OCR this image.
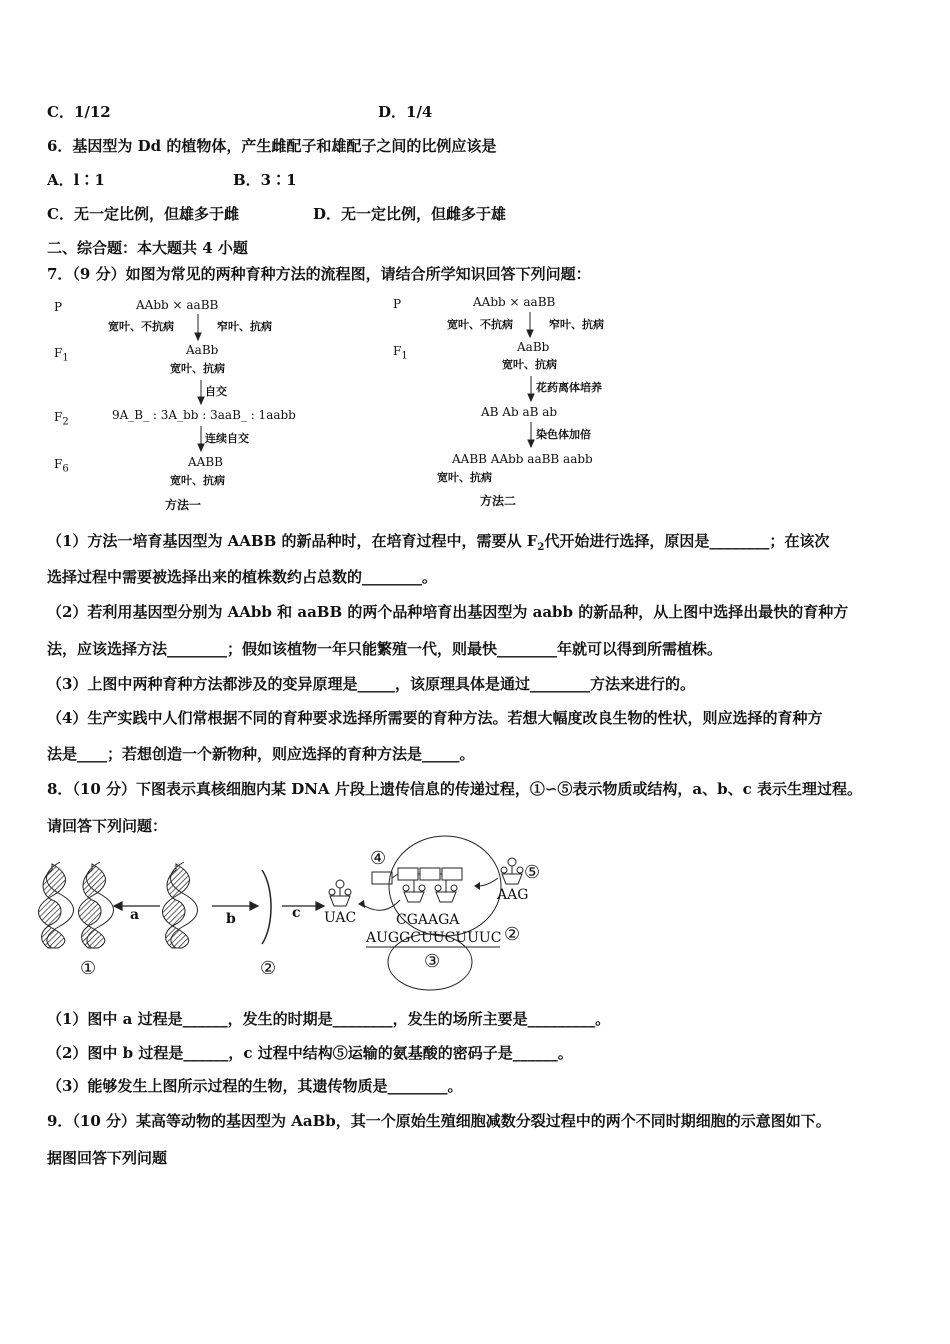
C．1/12	D．1/4
6．基因型为 Dd 的植物体，产生雌配子和雄配子之间的比例应该是
A．l∶1	B．3∶1
C．无一定比例，但雄多于雌	D．无一定比例，但雌多于雄
二、综合题：本大题共 4 小题
7．（9 分）如图为常见的两种育种方法的流程图，请结合所学知识回答下列问题：
P
$F_1$
$F_2$
$F_6$
AAbb × aaBB
宽叶、不抗病	窄叶、抗病
AaBb
宽叶、抗病
自交
9A_B_ : 3A_bb : 3aaB_ : 1aabb
连续自交
AABB
宽叶、抗病
方法一
P
$F_1$
AAbb × aaBB
宽叶、不抗病	窄叶、抗病
AaBb
宽叶、抗病
花药离体培养
AB Ab aB ab
染色体加倍
AABB AAbb aaBB aabb
宽叶、抗病
方法二
（1）方法一培育基因型为 AABB 的新品种时，在培育过程中，需要从 $F_2$代开始进行选择，原因是________；在该次
选择过程中需要被选择出来的植株数约占总数的________。
（2）若利用基因型分别为 AAbb 和 aaBB 的两个品种培育出基因型为 aabb 的新品种，从上图中选择出最快的育种方
法，应该选择方法________；假如该植物一年只能繁殖一代，则最快________年就可以得到所需植株。
（3）上图中两种育种方法都涉及的变异原理是_____，该原理具体是通过________方法来进行的。
（4）生产实践中人们常根据不同的育种要求选择所需要的育种方法。若想大幅度改良生物的性状，则应选择的育种方
法是____；若想创造一个新物种，则应选择的育种方法是_____。
8．（10 分）下图表示真核细胞内某 DNA 片段上遗传信息的传递过程，①∽⑤表示物质或结构，a、b、c 表示生理过程。
请回答下列问题：
a	b	c
①	②
④
⑤
UAC	CGAAGA
AUGGCUUCUUUC ②
AAG
③
（1）图中 a 过程是______，发生的时期是________，发生的场所主要是_________。
（2）图中 b 过程是______，c 过程中结构⑤运输的氨基酸的密码子是______。
（3）能够发生上图所示过程的生物，其遗传物质是________。
9．（10 分）某高等动物的基因型为 AaBb，其一个原始生殖细胞减数分裂过程中的两个不同时期细胞的示意图如下。
据图回答下列问题
